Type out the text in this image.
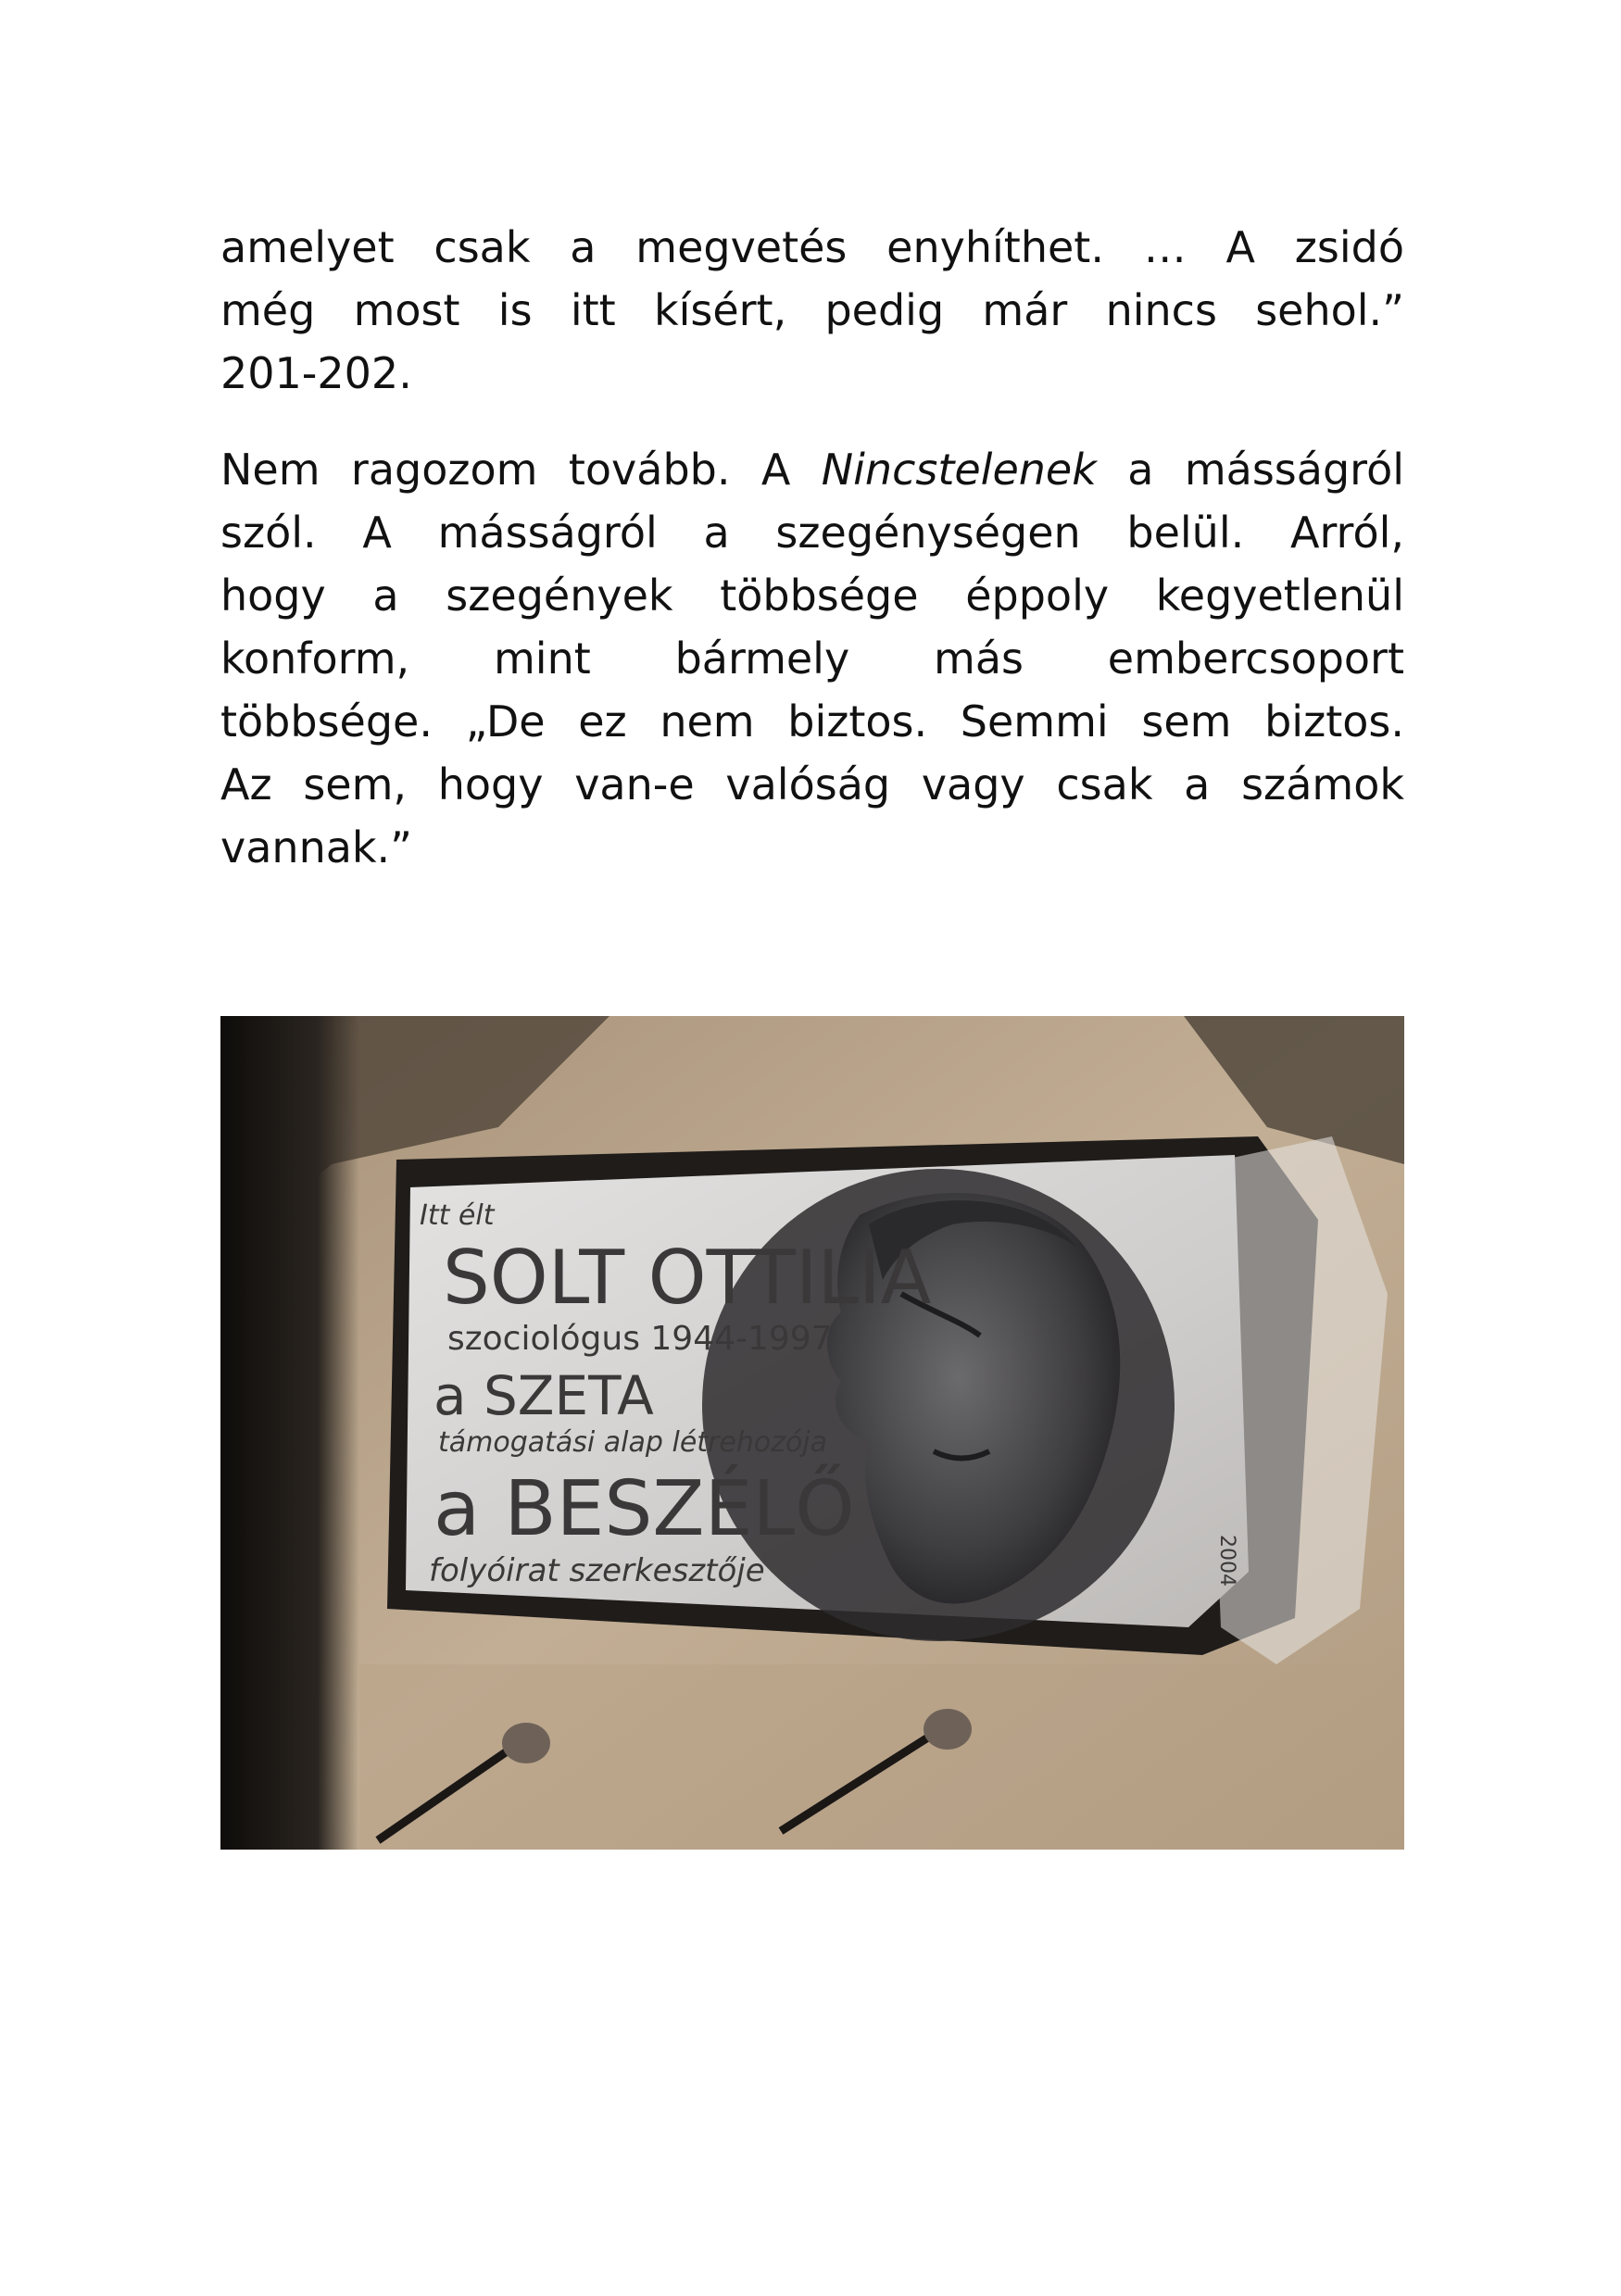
amelyet csak a megvetés enyhíthet. … A zsidó
még most is itt kísért, pedig már nincs sehol.”
201-202.
Nem ragozom tovább. A Nincstelenek a másságról
szól. A másságról a szegénységen belül. Arról,
hogy a szegények többsége éppoly kegyetlenül
konform, mint bármely más embercsoport
többsége. „De ez nem biztos. Semmi sem biztos.
Az sem, hogy van-e valóság vagy csak a számok
vannak.”
Itt élt
SOLT OTTILIA
szociológus 1944-1997
a SZETA
támogatási alap létrehozója
a BESZÉLŐ
folyóirat szerkesztője	2004
